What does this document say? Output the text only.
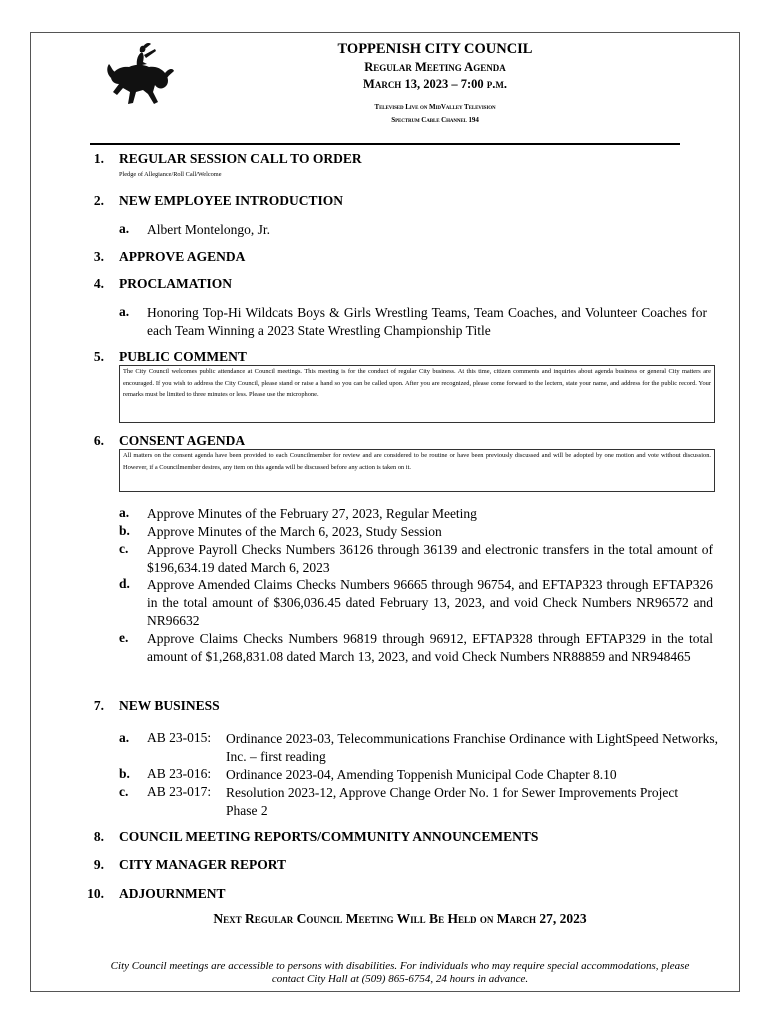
TOPPENISH CITY COUNCIL
Regular Meeting Agenda
March 13, 2023 – 7:00 p.m.
Televised Live on MidValley Television
Spectrum Cable Channel 194
1. REGULAR SESSION CALL TO ORDER
Pledge of Allegiance/Roll Call/Welcome
2. NEW EMPLOYEE INTRODUCTION
a. Albert Montelongo, Jr.
3. APPROVE AGENDA
4. PROCLAMATION
a. Honoring Top-Hi Wildcats Boys & Girls Wrestling Teams, Team Coaches, and Volunteer Coaches for each Team Winning a 2023 State Wrestling Championship Title
5. PUBLIC COMMENT
The City Council welcomes public attendance at Council meetings. This meeting is for the conduct of regular City business. At this time, citizen comments and inquiries about agenda business or general City matters are encouraged. If you wish to address the City Council, please stand or raise a hand so you can be called upon. After you are recognized, please come forward to the lectern, state your name, and address for the public record. Your remarks must be limited to three minutes or less. Please use the microphone.
6. CONSENT AGENDA
All matters on the consent agenda have been provided to each Councilmember for review and are considered to be routine or have been previously discussed and will be adopted by one motion and vote without discussion. However, if a Councilmember desires, any item on this agenda will be discussed before any action is taken on it.
a. Approve Minutes of the February 27, 2023, Regular Meeting
b. Approve Minutes of the March 6, 2023, Study Session
c. Approve Payroll Checks Numbers 36126 through 36139 and electronic transfers in the total amount of $196,634.19 dated March 6, 2023
d. Approve Amended Claims Checks Numbers 96665 through 96754, and EFTAP323 through EFTAP326 in the total amount of $306,036.45 dated February 13, 2023, and void Check Numbers NR96572 and NR96632
e. Approve Claims Checks Numbers 96819 through 96912, EFTAP328 through EFTAP329 in the total amount of $1,268,831.08 dated March 13, 2023, and void Check Numbers NR88859 and NR948465
7. NEW BUSINESS
a. AB 23-015: Ordinance 2023-03, Telecommunications Franchise Ordinance with LightSpeed Networks, Inc. – first reading
b. AB 23-016: Ordinance 2023-04, Amending Toppenish Municipal Code Chapter 8.10
c. AB 23-017: Resolution 2023-12, Approve Change Order No. 1 for Sewer Improvements Project Phase 2
8. COUNCIL MEETING REPORTS/COMMUNITY ANNOUNCEMENTS
9. CITY MANAGER REPORT
10. ADJOURNMENT
Next Regular Council Meeting Will Be Held on March 27, 2023
City Council meetings are accessible to persons with disabilities. For individuals who may require special accommodations, please contact City Hall at (509) 865-6754, 24 hours in advance.
